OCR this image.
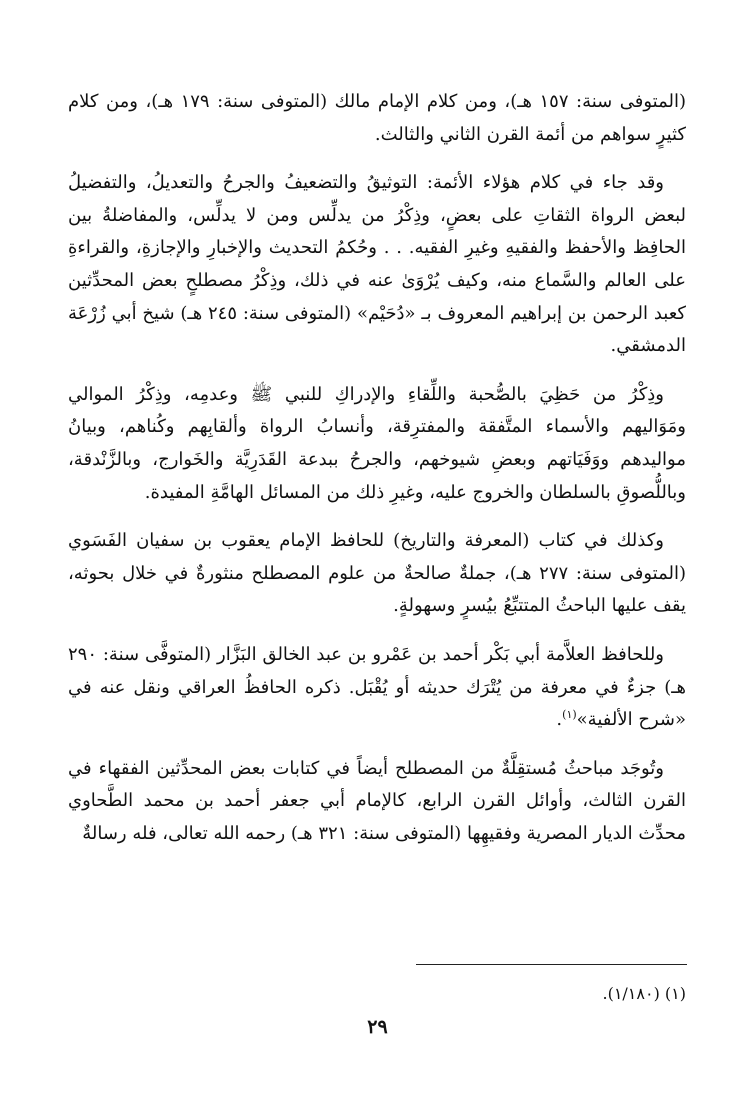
(المتوفى سنة: ١٥٧ هـ)، ومن كلام الإمام مالك (المتوفى سنة: ١٧٩ هـ)، ومن كلام كثيرٍ سواهم من أئمة القرن الثاني والثالث.

وقد جاء في كلام هؤلاء الأئمة: التوثيقُ والتضعيفُ والجرحُ والتعديلُ، والتفضيلُ لبعض الرواة الثقاتِ على بعضٍ، وذِكْرُ من يدلِّس ومن لا يدلِّس، والمفاضلةُ بين الحافِظ والأحفظ والفقيهِ وغيرِ الفقيه. . . وحُكمُ التحديث والإخبارِ والإجازةِ، والقراءةِ على العالم والسَّماع منه، وكيف يُرْوَىٰ عنه في ذلك، وذِكْرُ مصطلحٍ بعض المحدِّثين كعبد الرحمن بن إبراهيم المعروف بـ «دُحَيْم» (المتوفى سنة: ٢٤٥ هـ) شيخ أبي زُرْعَة الدمشقي.

وذِكْرُ من حَظِيَ بالصُّحبة واللِّقاءِ والإدراكِ للنبي ﷺ وعدمِه، وذِكْرُ الموالي ومَوَاليهم والأسماء المتَّفقة والمفترِقة، وأنسابُ الرواة وألقابِهم وكُناهم، وبيانُ مواليدهم ووَفَيَاتهم وبعضِ شيوخهم، والجرحُ ببدعة القَدَرِيَّة والخَوارج، وبالزَّنْدقة، وباللُّصوقِ بالسلطان والخروج عليه، وغيرِ ذلك من المسائل الهامَّةِ المفيدة.

وكذلك في كتاب (المعرفة والتاريخ) للحافظ الإمام يعقوب بن سفيان الفَسَوي (المتوفى سنة: ٢٧٧ هـ)، جملةٌ صالحةٌ من علوم المصطلح منثورةٌ في خلال بحوثه، يقف عليها الباحثُ المتتبِّعُ بيُسرٍ وسهولةٍ.

وللحافظ العلاَّمة أبي بَكْر أحمد بن عَمْرو بن عبد الخالق البَزَّار (المتوفَّى سنة: ٢٩٠ هـ) جزءٌ في معرفة من يُتْرَك حديثه أو يُقْبَل. ذكره الحافظُ العراقي ونقل عنه في «شرح الألفية»$^{(١)}$.

وتُوجَد مباحثُ مُستقِلَّةٌ من المصطلح أيضاً في كتابات بعض المحدِّثين الفقهاء في القرن الثالث، وأوائل القرن الرابع، كالإمام أبي جعفر أحمد بن محمد الطَّحاوي محدِّث الديار المصرية وفقيهِها (المتوفى سنة: ٣٢١ هـ) رحمه الله تعالى، فله رسالةٌ

(١) (١/١٨٠).
٢٩
